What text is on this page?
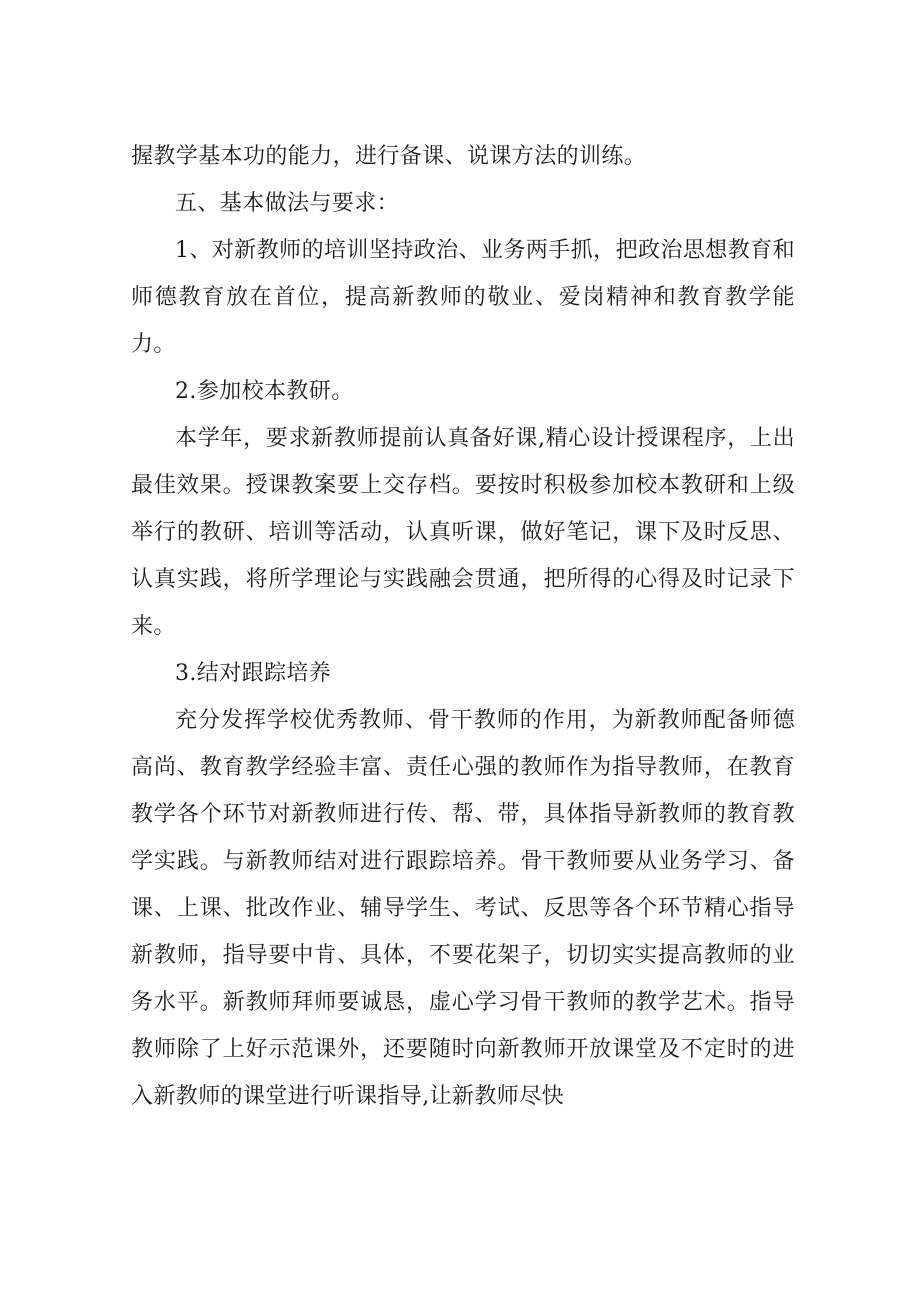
握教学基本功的能力，进行备课、说课方法的训练。

五、基本做法与要求：

1、对新教师的培训坚持政治、业务两手抓，把政治思想教育和师德教育放在首位，提高新教师的敬业、爱岗精神和教育教学能力。

2.参加校本教研。

本学年，要求新教师提前认真备好课,精心设计授课程序，上出最佳效果。授课教案要上交存档。要按时积极参加校本教研和上级举行的教研、培训等活动，认真听课，做好笔记，课下及时反思、认真实践，将所学理论与实践融会贯通，把所得的心得及时记录下来。

3.结对跟踪培养

充分发挥学校优秀教师、骨干教师的作用，为新教师配备师德高尚、教育教学经验丰富、责任心强的教师作为指导教师，在教育教学各个环节对新教师进行传、帮、带，具体指导新教师的教育教学实践。与新教师结对进行跟踪培养。骨干教师要从业务学习、备课、上课、批改作业、辅导学生、考试、反思等各个环节精心指导新教师，指导要中肯、具体，不要花架子，切切实实提高教师的业务水平。新教师拜师要诚恳，虚心学习骨干教师的教学艺术。指导教师除了上好示范课外，还要随时向新教师开放课堂及不定时的进入新教师的课堂进行听课指导,让新教师尽快
